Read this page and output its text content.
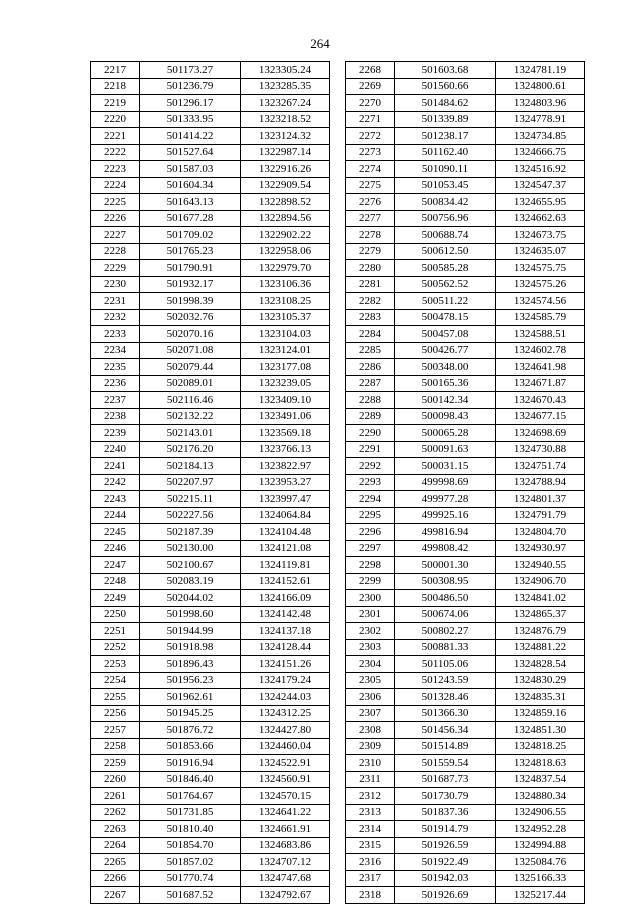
264
2217	501173.27	1323305.24
2218	501236.79	1323285.35
2219	501296.17	1323267.24
2220	501333.95	1323218.52
2221	501414.22	1323124.32
2222	501527.64	1322987.14
2223	501587.03	1322916.26
2224	501604.34	1322909.54
2225	501643.13	1322898.52
2226	501677.28	1322894.56
2227	501709.02	1322902.22
2228	501765.23	1322958.06
2229	501790.91	1322979.70
2230	501932.17	1323106.36
2231	501998.39	1323108.25
2232	502032.76	1323105.37
2233	502070.16	1323104.03
2234	502071.08	1323124.01
2235	502079.44	1323177.08
2236	502089.01	1323239.05
2237	502116.46	1323409.10
2238	502132.22	1323491.06
2239	502143.01	1323569.18
2240	502176.20	1323766.13
2241	502184.13	1323822.97
2242	502207.97	1323953.27
2243	502215.11	1323997.47
2244	502227.56	1324064.84
2245	502187.39	1324104.48
2246	502130.00	1324121.08
2247	502100.67	1324119.81
2248	502083.19	1324152.61
2249	502044.02	1324166.09
2250	501998.60	1324142.48
2251	501944.99	1324137.18
2252	501918.98	1324128.44
2253	501896.43	1324151.26
2254	501956.23	1324179.24
2255	501962.61	1324244.03
2256	501945.25	1324312.25
2257	501876.72	1324427.80
2258	501853.66	1324460.04
2259	501916.94	1324522.91
2260	501846.40	1324560.91
2261	501764.67	1324570.15
2262	501731.85	1324641.22
2263	501810.40	1324661.91
2264	501854.70	1324683.86
2265	501857.02	1324707.12
2266	501770.74	1324747.68
2267	501687.52	1324792.67
2268	501603.68	1324781.19
2269	501560.66	1324800.61
2270	501484.62	1324803.96
2271	501339.89	1324778.91
2272	501238.17	1324734.85
2273	501162.40	1324666.75
2274	501090.11	1324516.92
2275	501053.45	1324547.37
2276	500834.42	1324655.95
2277	500756.96	1324662.63
2278	500688.74	1324673.75
2279	500612.50	1324635.07
2280	500585.28	1324575.75
2281	500562.52	1324575.26
2282	500511.22	1324574.56
2283	500478.15	1324585.79
2284	500457.08	1324588.51
2285	500426.77	1324602.78
2286	500348.00	1324641.98
2287	500165.36	1324671.87
2288	500142.34	1324670.43
2289	500098.43	1324677.15
2290	500065.28	1324698.69
2291	500091.63	1324730.88
2292	500031.15	1324751.74
2293	499998.69	1324788.94
2294	499977.28	1324801.37
2295	499925.16	1324791.79
2296	499816.94	1324804.70
2297	499808.42	1324930.97
2298	500001.30	1324940.55
2299	500308.95	1324906.70
2300	500486.50	1324841.02
2301	500674.06	1324865.37
2302	500802.27	1324876.79
2303	500881.33	1324881.22
2304	501105.06	1324828.54
2305	501243.59	1324830.29
2306	501328.46	1324835.31
2307	501366.30	1324859.16
2308	501456.34	1324851.30
2309	501514.89	1324818.25
2310	501559.54	1324818.63
2311	501687.73	1324837.54
2312	501730.79	1324880.34
2313	501837.36	1324906.55
2314	501914.79	1324952.28
2315	501926.59	1324994.88
2316	501922.49	1325084.76
2317	501942.03	1325166.33
2318	501926.69	1325217.44
